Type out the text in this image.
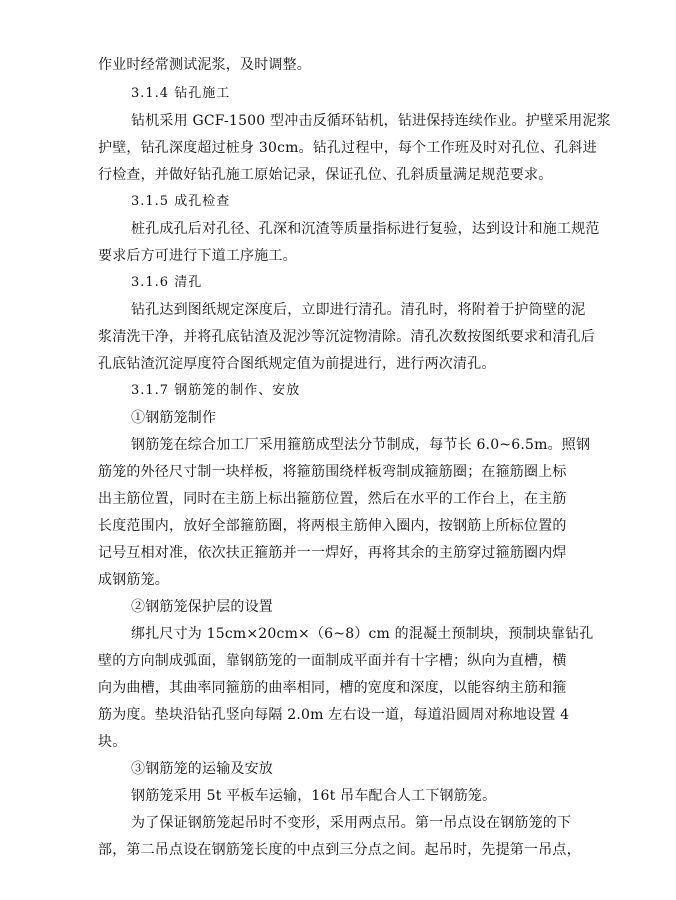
作业时经常测试泥浆，及时调整。
3.1.4 钻孔施工
钻机采用 GCF-1500 型冲击反循环钻机，钻进保持连续作业。护壁采用泥浆
护壁，钻孔深度超过桩身 30cm。钻孔过程中，每个工作班及时对孔位、孔斜进
行检查，并做好钻孔施工原始记录，保证孔位、孔斜质量满足规范要求。
3.1.5 成孔检查
桩孔成孔后对孔径、孔深和沉渣等质量指标进行复验，达到设计和施工规范
要求后方可进行下道工序施工。
3.1.6 清孔
钻孔达到图纸规定深度后，立即进行清孔。清孔时，将附着于护筒壁的泥
浆清洗干净，并将孔底钻渣及泥沙等沉淀物清除。清孔次数按图纸要求和清孔后
孔底钻渣沉淀厚度符合图纸规定值为前提进行，进行两次清孔。
3.1.7 钢筋笼的制作、安放
①钢筋笼制作
钢筋笼在综合加工厂采用箍筋成型法分节制成，每节长 6.0~6.5m。照钢
筋笼的外径尺寸制一块样板，将箍筋围绕样板弯制成箍筋圈；在箍筋圈上标
出主筋位置，同时在主筋上标出箍筋位置，然后在水平的工作台上，在主筋
长度范围内，放好全部箍筋圈，将两根主筋伸入圈内，按钢筋上所标位置的
记号互相对准，依次扶正箍筋并一一焊好，再将其余的主筋穿过箍筋圈内焊
成钢筋笼。
②钢筋笼保护层的设置
绑扎尺寸为 15cm×20cm×（6~8）cm 的混凝土预制块，预制块靠钻孔
壁的方向制成弧面，靠钢筋笼的一面制成平面并有十字槽；纵向为直槽，横
向为曲槽，其曲率同箍筋的曲率相同，槽的宽度和深度，以能容纳主筋和箍
筋为度。垫块沿钻孔竖向每隔 2.0m 左右设一道，每道沿圆周对称地设置 4
块。
③钢筋笼的运输及安放
钢筋笼采用 5t 平板车运输，16t 吊车配合人工下钢筋笼。
为了保证钢筋笼起吊时不变形，采用两点吊。第一吊点设在钢筋笼的下
部，第二吊点设在钢筋笼长度的中点到三分点之间。起吊时，先提第一吊点，
